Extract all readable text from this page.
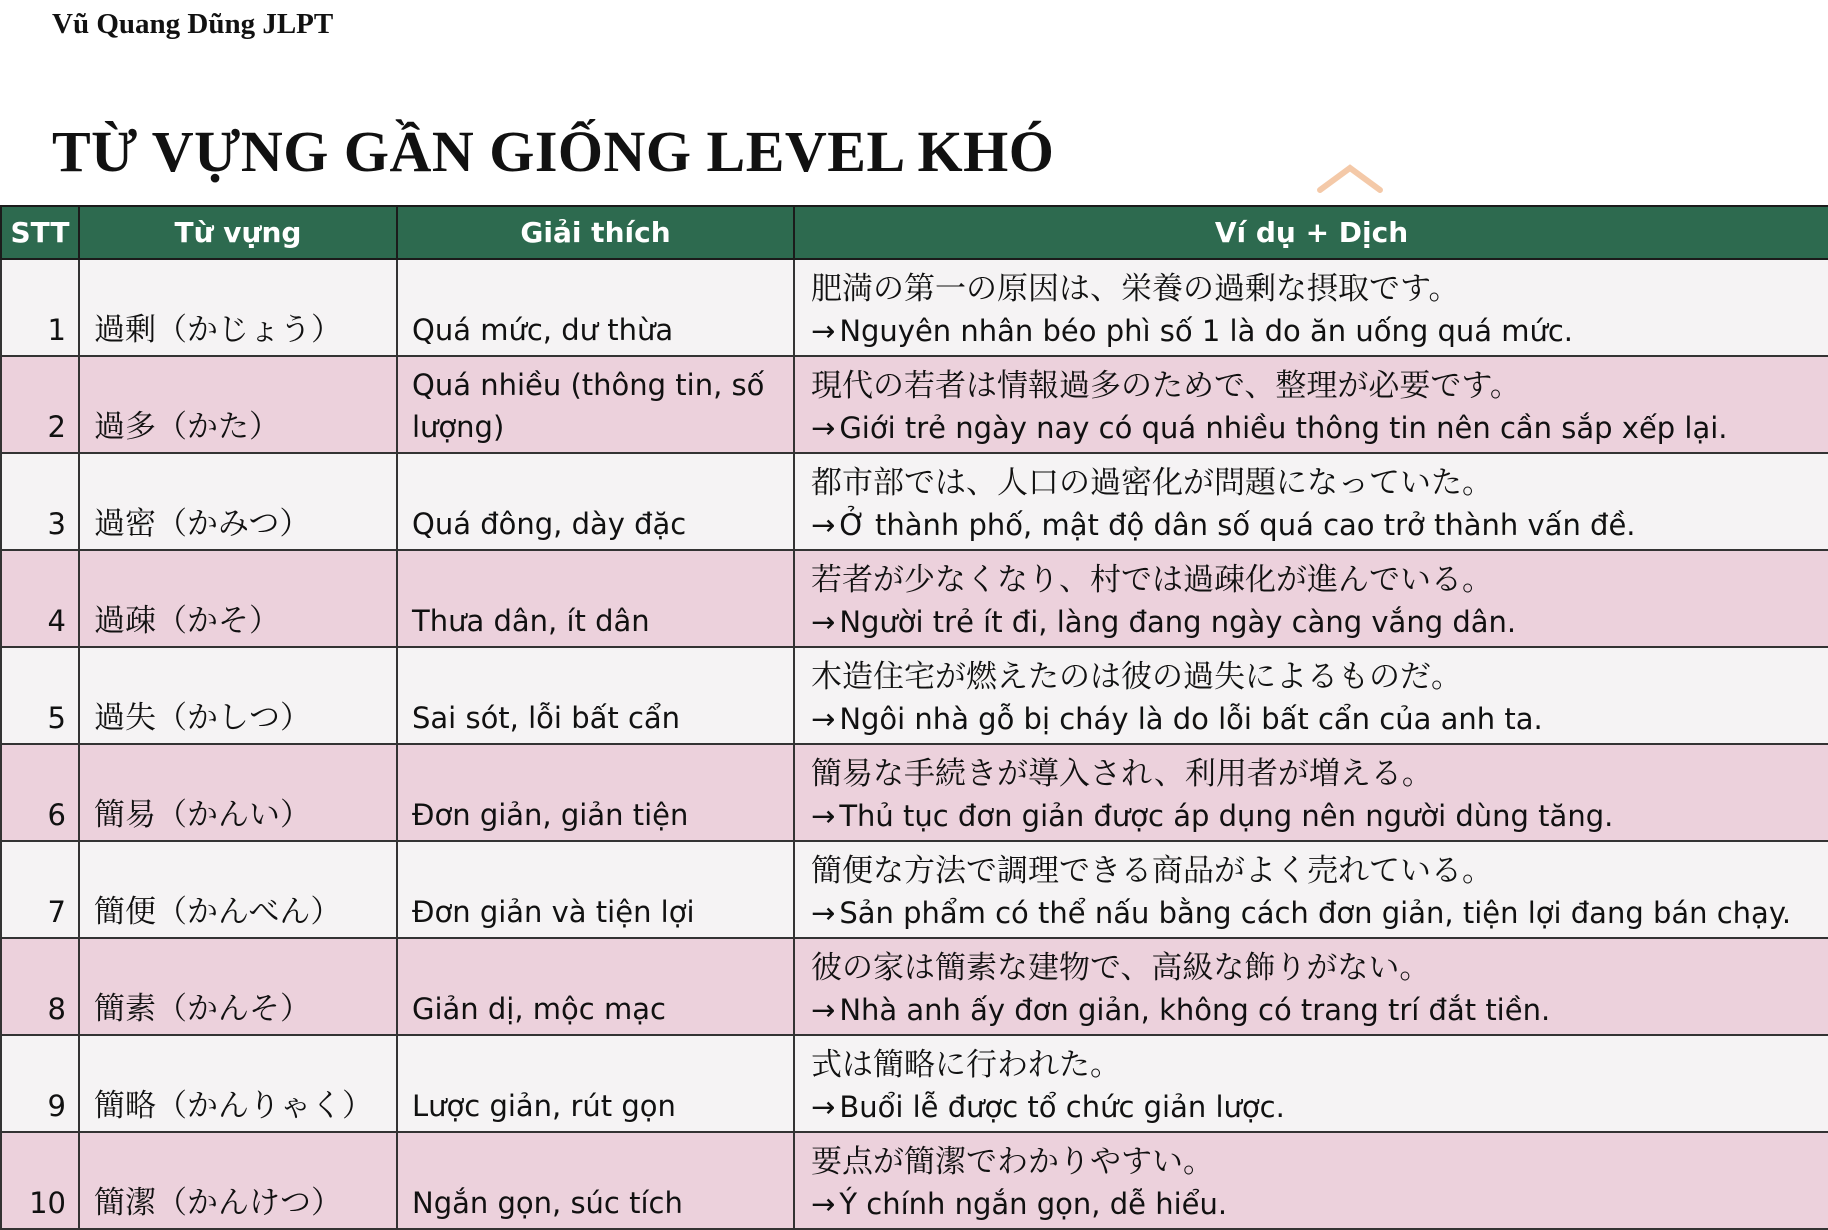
Vũ Quang Dũng JLPT
TỪ VỰNG GẦN GIỐNG LEVEL KHÓ
STT	Từ vựng	Giải thích	Ví dụ + Dịch
1	過剰（かじょう）	Quá mức, dư thừa	肥満の第一の原因は、栄養の過剰な摂取です。
→ Nguyên nhân béo phì số 1 là do ăn uống quá mức.

2	過多（かた）	Quá nhiều (thông tin, số lượng)	現代の若者は情報過多のためで、整理が必要です。
→ Giới trẻ ngày nay có quá nhiều thông tin nên cần sắp xếp lại.

3	過密（かみつ）	Quá đông, dày đặc	都市部では、人口の過密化が問題になっていた。
→ Ở thành phố, mật độ dân số quá cao trở thành vấn đề.

4	過疎（かそ）	Thưa dân, ít dân	若者が少なくなり、村では過疎化が進んでいる。
→ Người trẻ ít đi, làng đang ngày càng vắng dân.

5	過失（かしつ）	Sai sót, lỗi bất cẩn	木造住宅が燃えたのは彼の過失によるものだ。
→ Ngôi nhà gỗ bị cháy là do lỗi bất cẩn của anh ta.

6	簡易（かんい）	Đơn giản, giản tiện	簡易な手続きが導入され、利用者が増える。
→ Thủ tục đơn giản được áp dụng nên người dùng tăng.

7	簡便（かんべん）	Đơn giản và tiện lợi	簡便な方法で調理できる商品がよく売れている。
→ Sản phẩm có thể nấu bằng cách đơn giản, tiện lợi đang bán chạy.

8	簡素（かんそ）	Giản dị, mộc mạc	彼の家は簡素な建物で、高級な飾りがない。
→ Nhà anh ấy đơn giản, không có trang trí đắt tiền.

9	簡略（かんりゃく）	Lược giản, rút gọn	式は簡略に行われた。
→ Buổi lễ được tổ chức giản lược.

10	簡潔（かんけつ）	Ngắn gọn, súc tích	要点が簡潔でわかりやすい。
→ Ý chính ngắn gọn, dễ hiểu.
